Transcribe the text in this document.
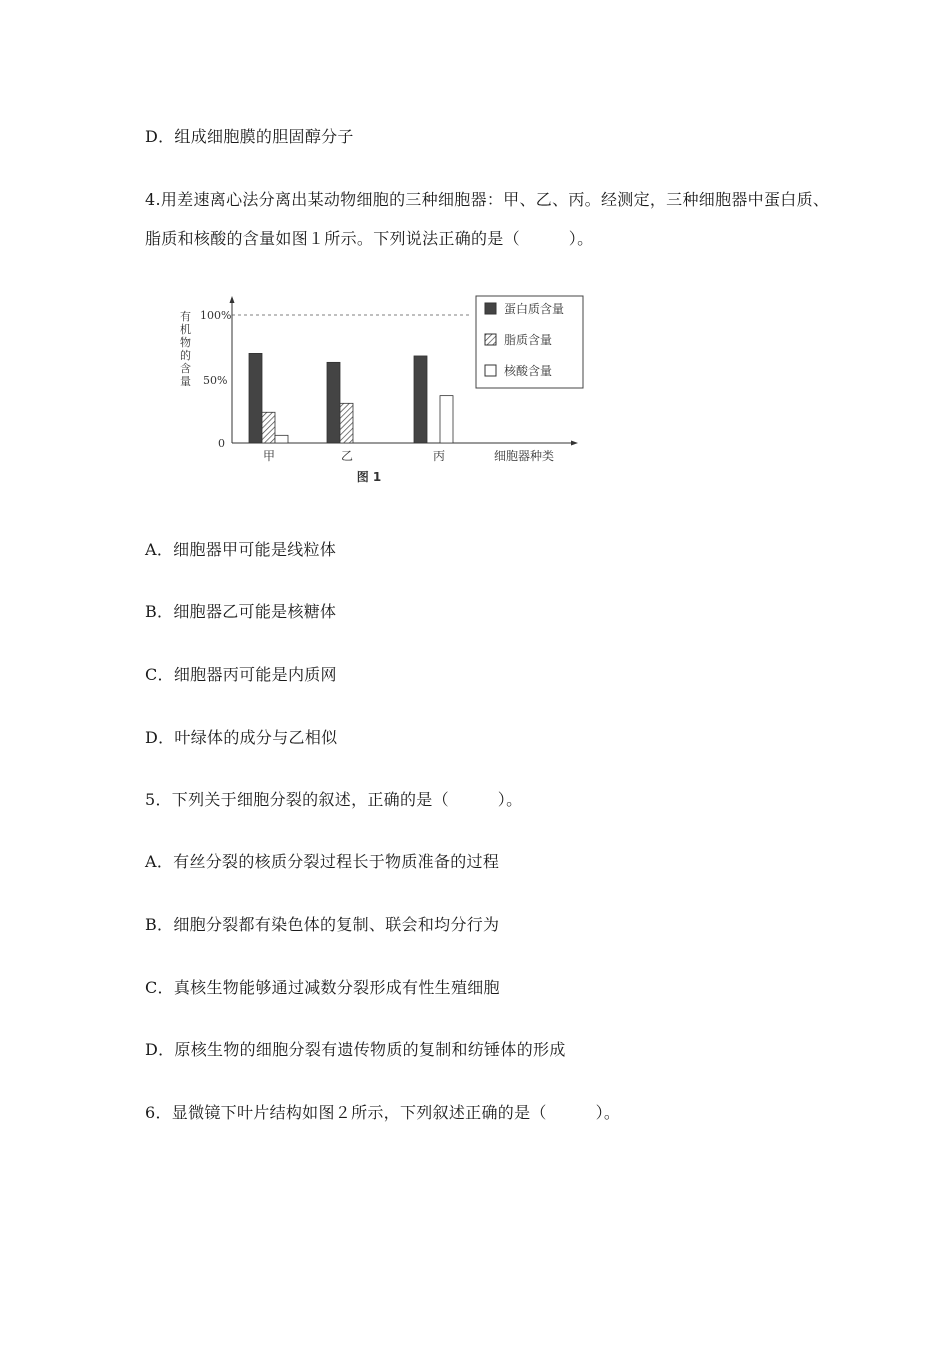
D．组成细胞膜的胆固醇分子
4.用差速离心法分离出某动物细胞的三种细胞器：甲、乙、丙。经测定，三种细胞器中蛋白质、
脂质和核酸的含量如图１所示。下列说法正确的是（　　　）。
有
机
物
的
含
量
100%
50%
0
甲	乙	丙	细胞器种类
图 1
蛋白质含量
脂质含量
核酸含量
A．细胞器甲可能是线粒体
B．细胞器乙可能是核糖体
C．细胞器丙可能是内质网
D．叶绿体的成分与乙相似
5．下列关于细胞分裂的叙述，正确的是（　　　）。
A．有丝分裂的核质分裂过程长于物质准备的过程
B．细胞分裂都有染色体的复制、联会和均分行为
C．真核生物能够通过减数分裂形成有性生殖细胞
D．原核生物的细胞分裂有遗传物质的复制和纺锤体的形成
6．显微镜下叶片结构如图２所示，下列叙述正确的是（　　　）。
